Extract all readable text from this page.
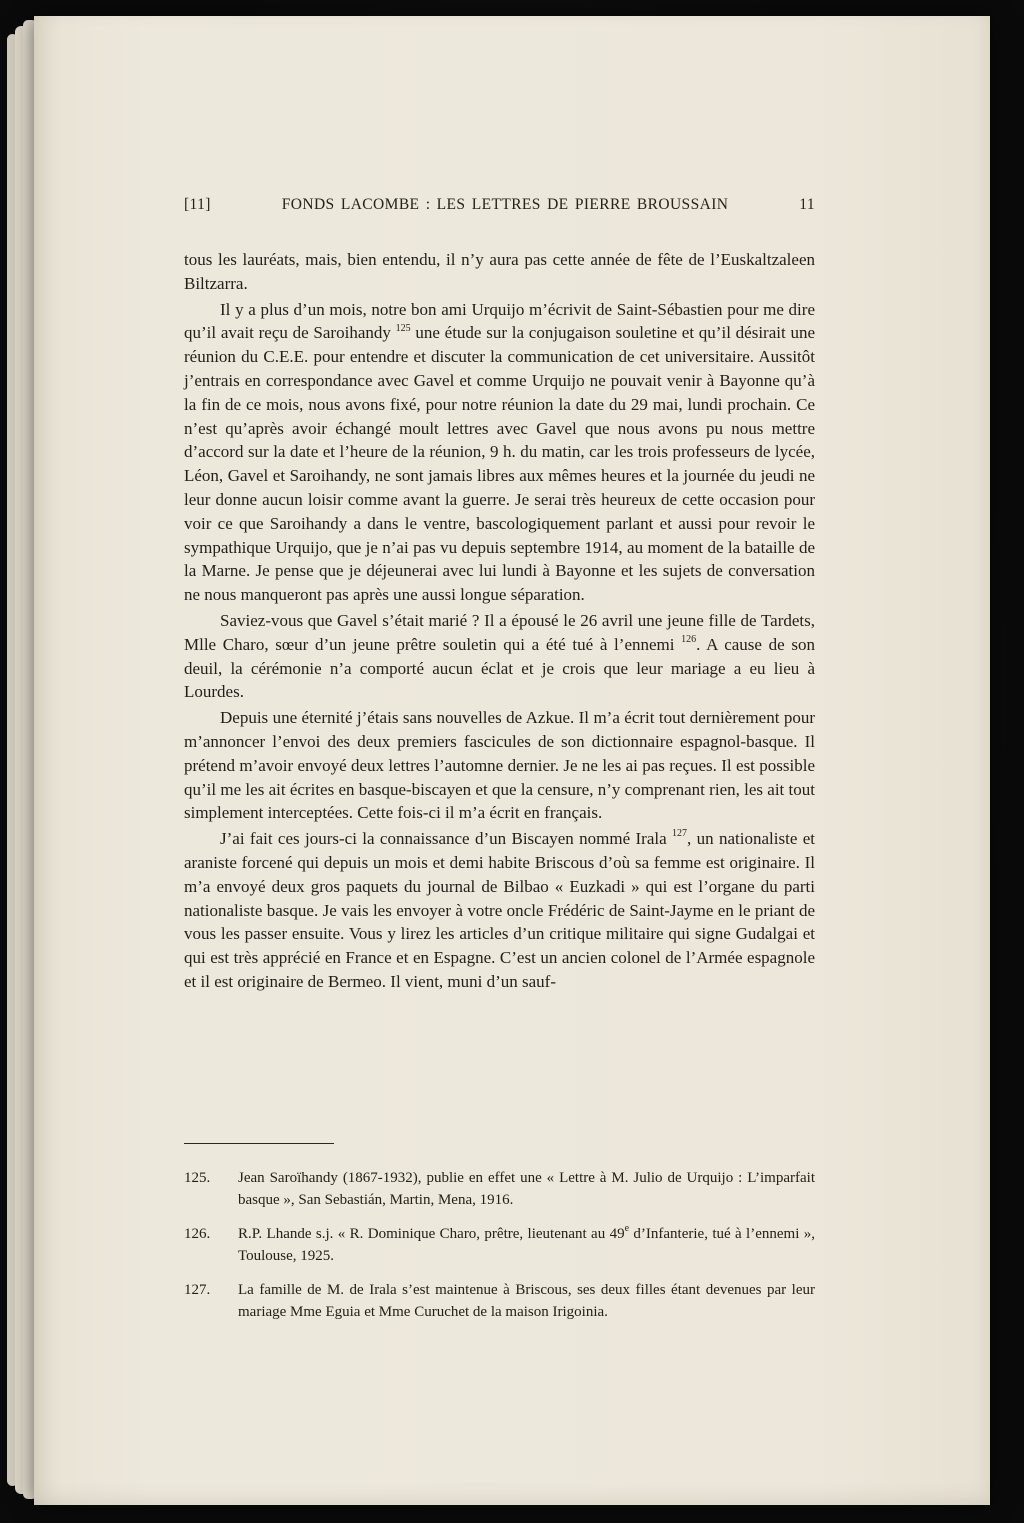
[11]	FONDS LACOMBE : LES LETTRES DE PIERRE BROUSSAIN	11

tous les lauréats, mais, bien entendu, il n’y aura pas cette année de fête de l’Euskaltzaleen Biltzarra.

Il y a plus d’un mois, notre bon ami Urquijo m’écrivit de Saint-Sébastien pour me dire qu’il avait reçu de Saroihandy $^{125}$ une étude sur la conjugaison souletine et qu’il désirait une réunion du C.E.E. pour entendre et discuter la communication de cet universitaire. Aussitôt j’entrais en correspondance avec Gavel et comme Urquijo ne pouvait venir à Bayonne qu’à la fin de ce mois, nous avons fixé, pour notre réunion la date du 29 mai, lundi prochain. Ce n’est qu’après avoir échangé moult lettres avec Gavel que nous avons pu nous mettre d’accord sur la date et l’heure de la réunion, 9 h. du matin, car les trois professeurs de lycée, Léon, Gavel et Saroihandy, ne sont jamais libres aux mêmes heures et la journée du jeudi ne leur donne aucun loisir comme avant la guerre. Je serai très heureux de cette occasion pour voir ce que Saroihandy a dans le ventre, bascologiquement parlant et aussi pour revoir le sympathique Urquijo, que je n’ai pas vu depuis septembre 1914, au moment de la bataille de la Marne. Je pense que je déjeunerai avec lui lundi à Bayonne et les sujets de conversation ne nous manqueront pas après une aussi longue séparation.

Saviez-vous que Gavel s’était marié ? Il a épousé le 26 avril une jeune fille de Tardets, Mlle Charo, sœur d’un jeune prêtre souletin qui a été tué à l’ennemi $^{126}$. A cause de son deuil, la cérémonie n’a comporté aucun éclat et je crois que leur mariage a eu lieu à Lourdes.

Depuis une éternité j’étais sans nouvelles de Azkue. Il m’a écrit tout dernièrement pour m’annoncer l’envoi des deux premiers fascicules de son dictionnaire espagnol-basque. Il prétend m’avoir envoyé deux lettres l’automne dernier. Je ne les ai pas reçues. Il est possible qu’il me les ait écrites en basque-biscayen et que la censure, n’y comprenant rien, les ait tout simplement interceptées. Cette fois-ci il m’a écrit en français.

J’ai fait ces jours-ci la connaissance d’un Biscayen nommé Irala $^{127}$, un nationaliste et araniste forcené qui depuis un mois et demi habite Briscous d’où sa femme est originaire. Il m’a envoyé deux gros paquets du journal de Bilbao « Euzkadi » qui est l’organe du parti nationaliste basque. Je vais les envoyer à votre oncle Frédéric de Saint-Jayme en le priant de vous les passer ensuite. Vous y lirez les articles d’un critique militaire qui signe Gudalgai et qui est très apprécié en France et en Espagne. C’est un ancien colonel de l’Armée espagnole et il est originaire de Bermeo. Il vient, muni d’un sauf-

125.	Jean Saroïhandy (1867-1932), publie en effet une « Lettre à M. Julio de Urquijo : L’imparfait basque », San Sebastián, Martin, Mena, 1916.
126.	R.P. Lhande s.j. « R. Dominique Charo, prêtre, lieutenant au 49e d’Infanterie, tué à l’ennemi », Toulouse, 1925.
127.	La famille de M. de Irala s’est maintenue à Briscous, ses deux filles étant devenues par leur mariage Mme Eguia et Mme Curuchet de la maison Irigoinia.
